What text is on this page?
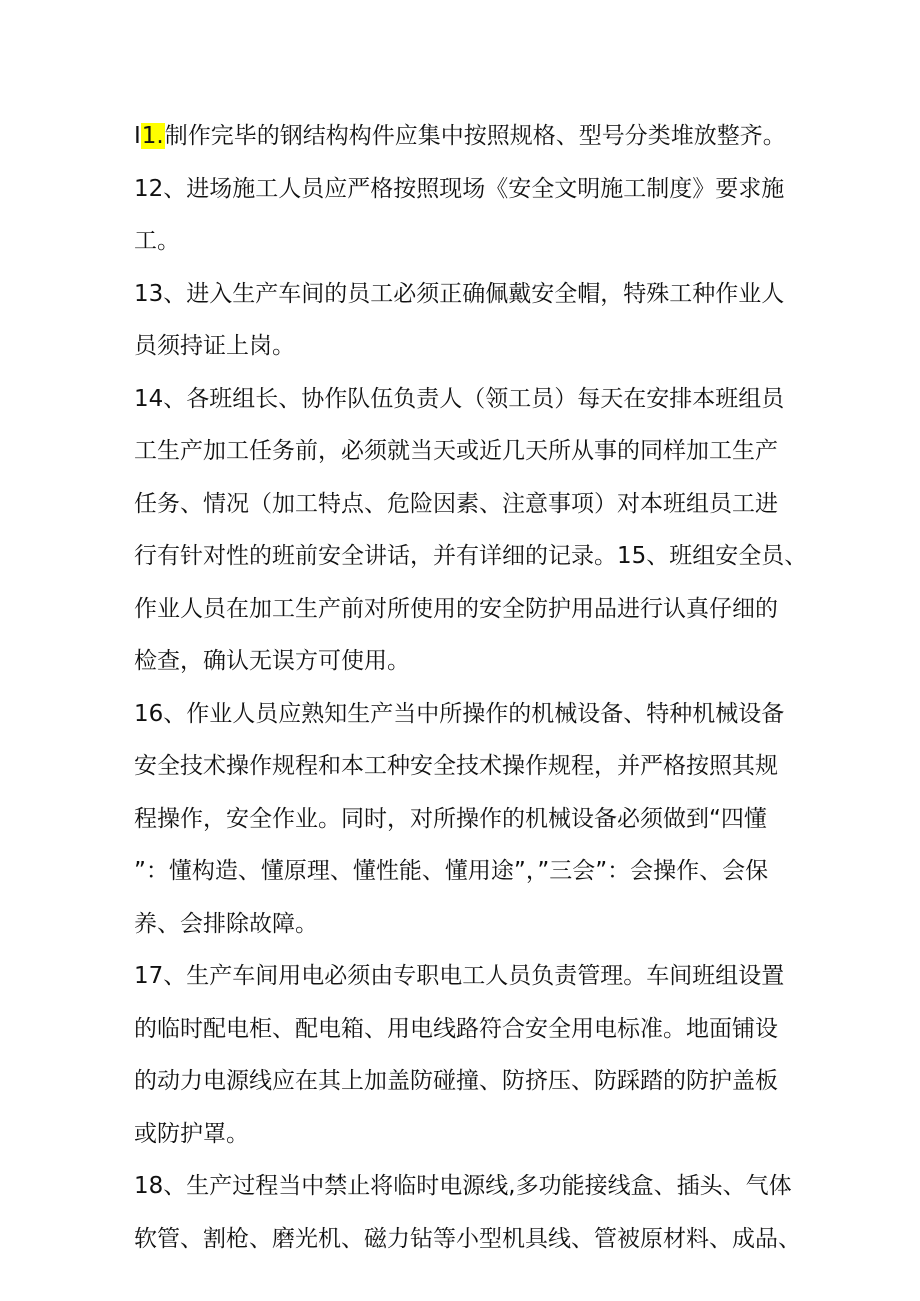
I1.制作完毕的钢结构构件应集中按照规格、型号分类堆放整齐。
12、进场施工人员应严格按照现场《安全文明施工制度》要求施
工。
13、进入生产车间的员工必须正确佩戴安全帽，特殊工种作业人
员须持证上岗。
14、各班组长、协作队伍负责人（领工员）每天在安排本班组员
工生产加工任务前，必须就当天或近几天所从事的同样加工生产
任务、情况（加工特点、危险因素、注意事项）对本班组员工进
行有针对性的班前安全讲话，并有详细的记录。15、班组安全员、
作业人员在加工生产前对所使用的安全防护用品进行认真仔细的
检查，确认无误方可使用。
16、作业人员应熟知生产当中所操作的机械设备、特种机械设备
安全技术操作规程和本工种安全技术操作规程，并严格按照其规
程操作，安全作业。同时，对所操作的机械设备必须做到“四懂
”：懂构造、懂原理、懂性能、懂用途”，”三会”：会操作、会保
养、会排除故障。
17、生产车间用电必须由专职电工人员负责管理。车间班组设置
的临时配电柜、配电箱、用电线路符合安全用电标准。地面铺设
的动力电源线应在其上加盖防碰撞、防挤压、防踩踏的防护盖板
或防护罩。
18、生产过程当中禁止将临时电源线,多功能接线盒、插头、气体
软管、割枪、磨光机、磁力钻等小型机具线、管被原材料、成品、
